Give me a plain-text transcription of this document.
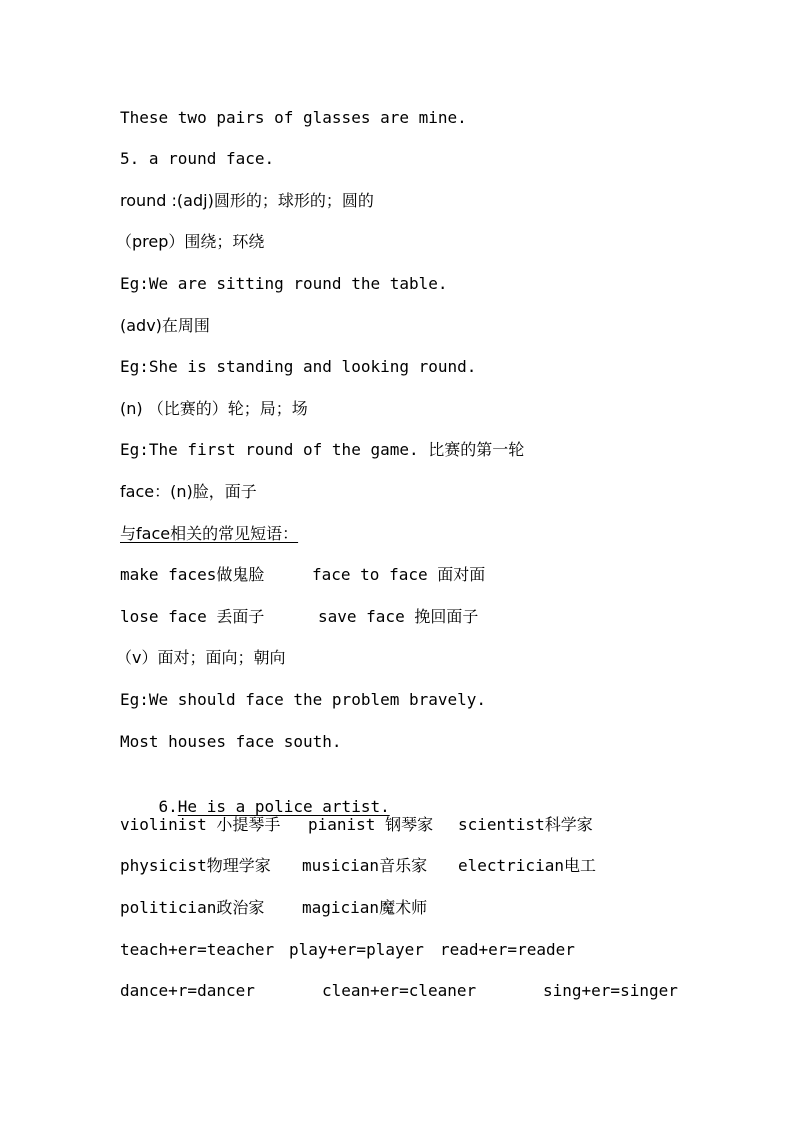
These two pairs of glasses are mine.
5. a round face.
round :(adj)圆形的；球形的；圆的
（prep）围绕；环绕
Eg:We are sitting round the table.
(adv)在周围
Eg:She is standing and looking round.
(n) （比赛的）轮；局；场
Eg:The first round of the game. 比赛的第一轮
face：(n)脸，面子
与face相关的常见短语：

make faces做鬼脸

	face to face 面对面

lose face 丢面子

	save face 挽回面子

（v）面对；面向；朝向
Eg:We should face the problem bravely.
Most houses face south.

6.He is a police artist.

violinist 小提琴手

pianist 钢琴家

scientist科学家

physicist物理学家

musician音乐家

electrician电工

politician政治家

magician魔术师

teach+er=teacher

play+er=player

read+er=reader

dance+r=dancer

	clean+er=cleaner

	sing+er=singer
